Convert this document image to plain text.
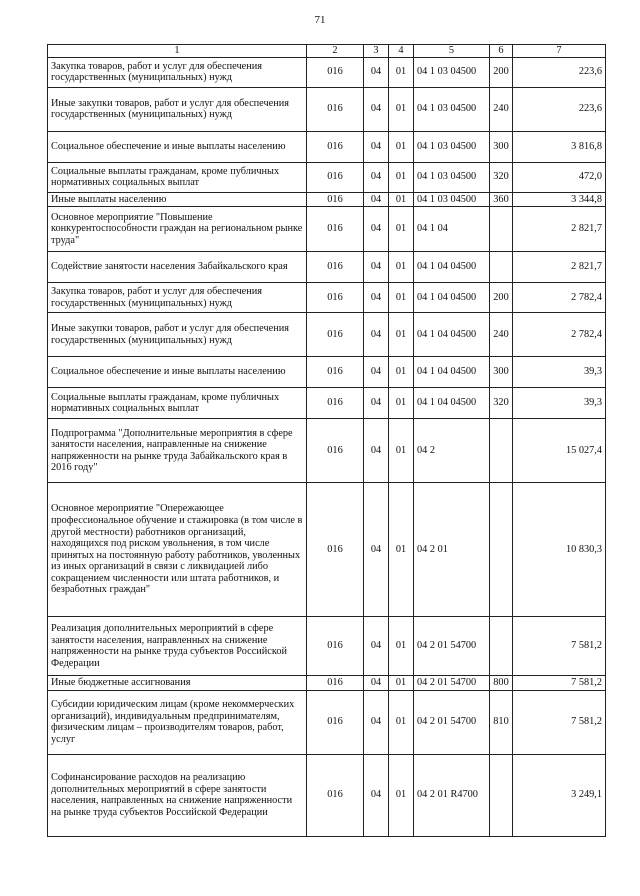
71
1	2	3	4	5	6	7
Закупка товаров, работ и услуг для обеспечения государственных (муниципальных) нужд	016	04	01	04 1 03 04500	200	223,6
Иные закупки товаров, работ и услуг для обеспечения государственных (муниципальных) нужд	016	04	01	04 1 03 04500	240	223,6
Социальное обеспечение и иные выплаты населению	016	04	01	04 1 03 04500	300	3 816,8
Социальные выплаты гражданам, кроме публичных нормативных социальных выплат	016	04	01	04 1 03 04500	320	472,0
Иные выплаты населению	016	04	01	04 1 03 04500	360	3 344,8
Основное мероприятие "Повышение конкурентоспособности граждан на региональном рынке труда"	016	04	01	04 1 04		2 821,7
Содействие занятости населения Забайкальского края	016	04	01	04 1 04 04500		2 821,7
Закупка товаров, работ и услуг для обеспечения государственных (муниципальных) нужд	016	04	01	04 1 04 04500	200	2 782,4
Иные закупки товаров, работ и услуг для обеспечения государственных (муниципальных) нужд	016	04	01	04 1 04 04500	240	2 782,4
Социальное обеспечение и иные выплаты населению	016	04	01	04 1 04 04500	300	39,3
Социальные выплаты гражданам, кроме публичных нормативных социальных выплат	016	04	01	04 1 04 04500	320	39,3
Подпрограмма "Дополнительные мероприятия в сфере занятости населения, направленные на снижение напряженности на рынке труда Забайкальского края в 2016 году"	016	04	01	04 2		15 027,4
Основное мероприятие "Опережающее профессиональное обучение и стажировка (в том числе в другой местности) работников организаций, находящихся под риском увольнения, в том числе принятых на постоянную работу работников, уволенных из иных организаций в связи с ликвидацией либо сокращением численности или штата работников, и безработных граждан"	016	04	01	04 2 01		10 830,3
Реализация дополнительных мероприятий в сфере занятости населения, направленных на снижение напряженности на рынке труда субъектов Российской Федерации	016	04	01	04 2 01 54700		7 581,2
Иные бюджетные ассигнования	016	04	01	04 2 01 54700	800	7 581,2
Субсидии юридическим лицам (кроме некоммерческих организаций), индивидуальным предпринимателям, физическим лицам – производителям товаров, работ, услуг	016	04	01	04 2 01 54700	810	7 581,2
Софинансирование расходов на реализацию дополнительных мероприятий в сфере занятости населения, направленных на снижение напряженности на рынке труда субъектов Российской Федерации	016	04	01	04 2 01 R4700		3 249,1
